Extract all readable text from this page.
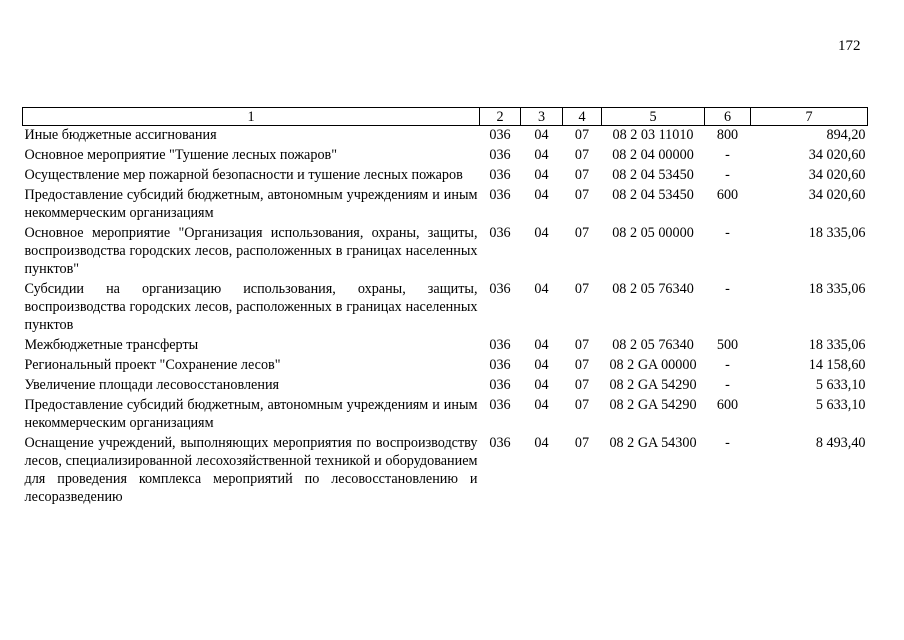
172
1	2	3	4	5	6	7
Иные бюджетные ассигнования	036	04	07	08 2 03 11010	800	894,20
Основное мероприятие "Тушение лесных пожаров"	036	04	07	08 2 04 00000	-	34 020,60
Осуществление мер пожарной безопасности и тушение лесных пожаров	036	04	07	08 2 04 53450	-	34 020,60
Предоставление субсидий бюджетным, автономным учреждениям и иным некоммерческим организациям	036	04	07	08 2 04 53450	600	34 020,60
Основное мероприятие "Организация использования, охраны, защиты, воспроизводства городских лесов, расположенных в границах населенных пунктов"	036	04	07	08 2 05 00000	-	18 335,06
Субсидии на организацию использования, охраны, защиты, воспроизводства городских лесов, расположенных в границах населенных пунктов	036	04	07	08 2 05 76340	-	18 335,06
Межбюджетные трансферты	036	04	07	08 2 05 76340	500	18 335,06
Региональный проект "Сохранение лесов"	036	04	07	08 2 GA 00000	-	14 158,60
Увеличение площади лесовосстановления	036	04	07	08 2 GA 54290	-	5 633,10
Предоставление субсидий бюджетным, автономным учреждениям и иным некоммерческим организациям	036	04	07	08 2 GA 54290	600	5 633,10
Оснащение учреждений, выполняющих мероприятия по воспроизводству лесов, специализированной лесохозяйственной техникой и оборудованием для проведения комплекса мероприятий по лесовосстановлению и лесоразведению	036	04	07	08 2 GA 54300	-	8 493,40
